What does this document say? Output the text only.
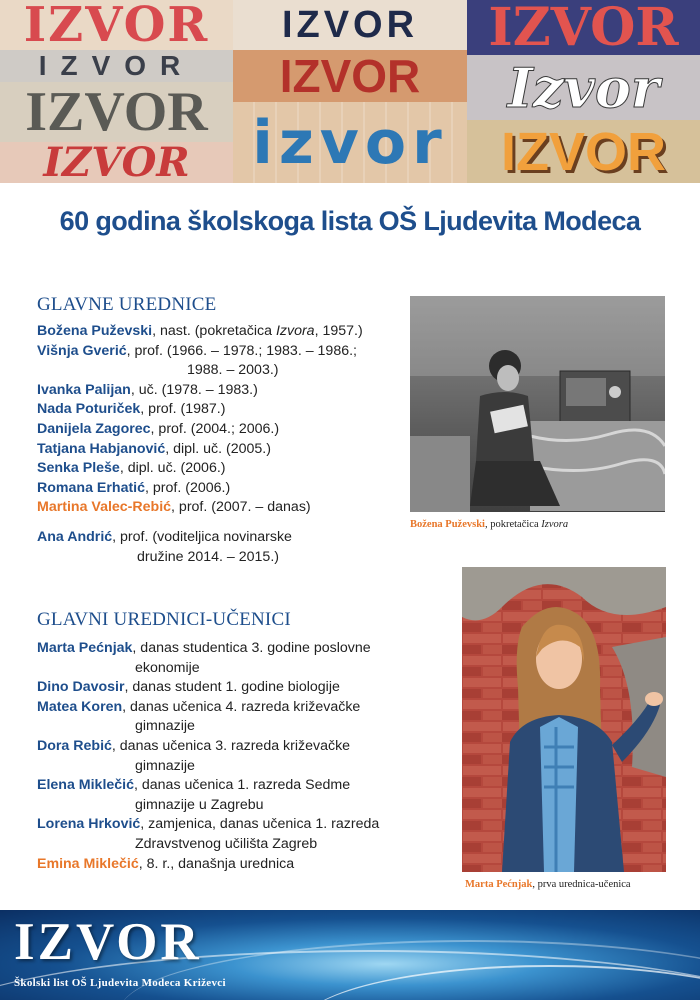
IZVOR
IZVOR
IZVOR
IZVOR
IZVOR
IZVOR
izvor
IZVOR
Izvor
IZVOR
60 godina školskoga lista OŠ Ljudevita Modeca
GLAVNE UREDNICE

Božena Puževski, nast. (pokretačica Izvora, 1957.)

Višnja Gverić, prof. (1966. – 1978.; 1983. – 1986.;
1988. – 2003.)

Ivanka Palijan, uč. (1978. – 1983.)

Nada Poturiček, prof. (1987.)

Danijela Zagorec, prof. (2004.; 2006.)

Tatjana Habjanović, dipl. uč. (2005.)

Senka Pleše, dipl. uč. (2006.)

Romana Erhatić, prof. (2006.)

Martina Valec-Rebić, prof. (2007. – danas)

Ana Andrić, prof. (voditeljica novinarske
družine 2014. – 2015.)

Božena Puževski, pokretačica Izvora
GLAVNI UREDNICI-UČENICI

Marta Pećnjak, danas studentica 3. godine poslovne
ekonomije

Dino Davosir, danas student 1. godine biologije

Matea Koren, danas učenica 4. razreda križevačke
gimnazije

Dora Rebić, danas učenica 3. razreda križevačke
gimnazije

Elena Miklečić, danas učenica 1. razreda Sedme
gimnazije u Zagrebu

Lorena Hrković, zamjenica, danas učenica 1. razreda
Zdravstvenog učilišta Zagreb

Emina Miklečić, 8. r., današnja urednica

Marta Pećnjak, prva urednica-učenica
IZVOR
Školski list OŠ Ljudevita Modeca Križevci
